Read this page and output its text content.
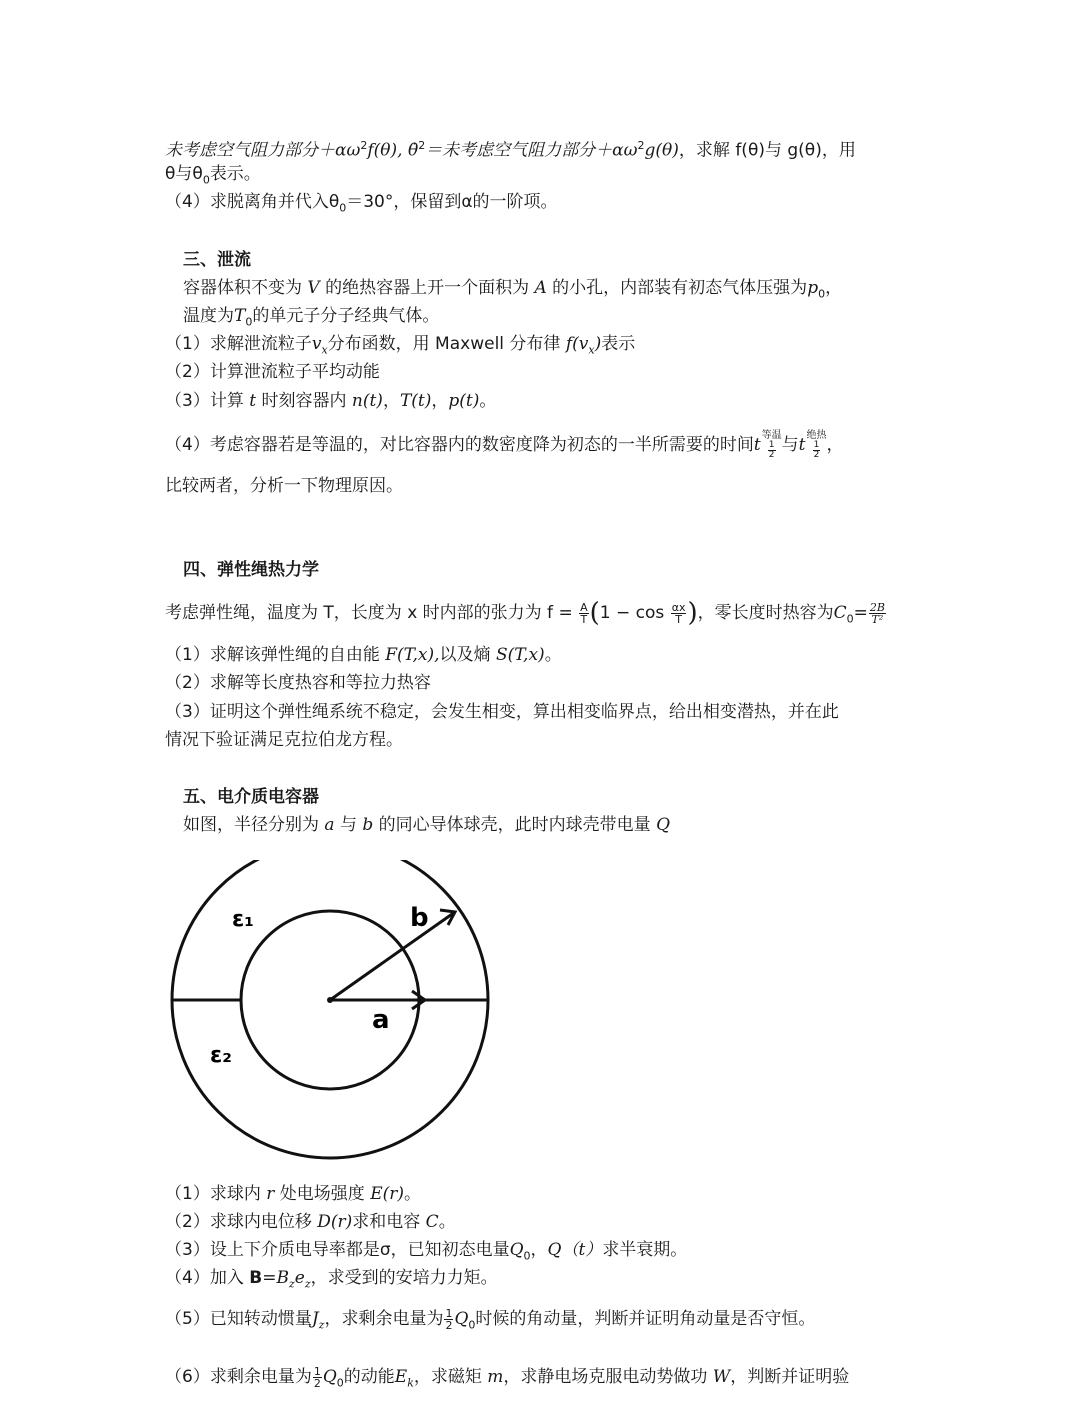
未考虑空气阻力部分$+\alpha\omega^2f(\theta)$, θ̇$^2$＝未考虑空气阻力部分$+\alpha\omega^2g(\theta)$，求解 f(θ)与 g(θ)，用
θ与$\theta_0$表示。
（4）求脱离角并代入$\theta_0=30^\circ$，保留到α的一阶项。
三、泄流
容器体积不变为 V 的绝热容器上开一个面积为 A 的小孔，内部装有初态气体压强为$p_0$，
温度为$T_0$的单元子分子经典气体。
（1）求解泄流粒子$v_x$分布函数，用 Maxwell 分布律 $f(v_x)$表示
（2）计算泄流粒子平均动能
（3）计算 t 时刻容器内 n(t)，T(t)，p(t)。
（4）考虑容器若是等温的，对比容器内的数密度降为初态的一半所需要的时间t 等温
$\frac{1}{2}$ 与t 绝热
$\frac{1}{2}$ ，
比较两者，分析一下物理原因。
四、弹性绳热力学
考虑弹性绳，温度为 T，长度为 x 时内部的张力为 $f = \frac{A}{T} (1 - \cos \frac{\alpha x}{T}$ )，零长度时热容为$C_0= \frac{2B}{\text{T²}}$
（1）求解该弹性绳的自由能 F(T,x),以及熵 S(T,x)。
（2）求解等长度热容和等拉力热容
（3）证明这个弹性绳系统不稳定，会发生相变，算出相变临界点，给出相变潜热，并在此
情况下验证满足克拉伯龙方程。
五、电介质电容器
如图，半径分别为 a 与 b 的同心导体球壳，此时内球壳带电量 Q
ε₁
ε₂
a
b
（1）求球内 r 处电场强度 E(r)。
（2）求球内电位移 D(r)求和电容 C。
（3）设上下介质电导率都是σ，已知初态电量$Q_0$，Q（t）求半衰期。
（4）加入 $B=B_ze_z$，求受到的安培力力矩。
（5）已知转动惯量$J_z$，求剩余电量为 $\frac{1}{2} Q_0$时候的角动量，判断并证明角动量是否守恒。
（6）求剩余电量为 $\frac{1}{2} Q_0$的动能$E_k$，求磁矩 m，求静电场克服电动势做功 W，判断并证明验
